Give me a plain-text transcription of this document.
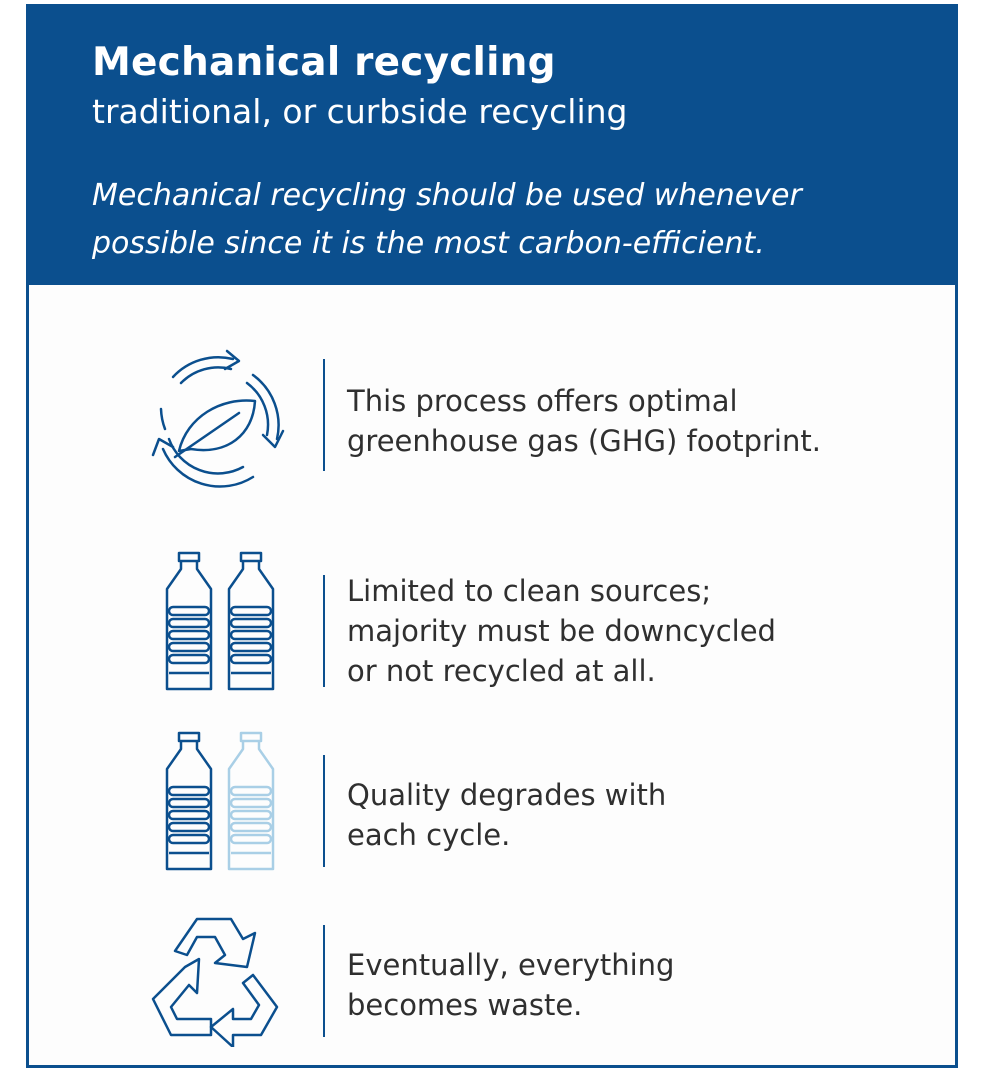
Mechanical recycling
traditional, or curbside recycling
Mechanical recycling should be used whenever possible since it is the most carbon-efficient.
This process offers optimal
greenhouse gas (GHG) footprint.
Limited to clean sources;
majority must be downcycled
or not recycled at all.
Quality degrades with
each cycle.
Eventually, everything
becomes waste.
